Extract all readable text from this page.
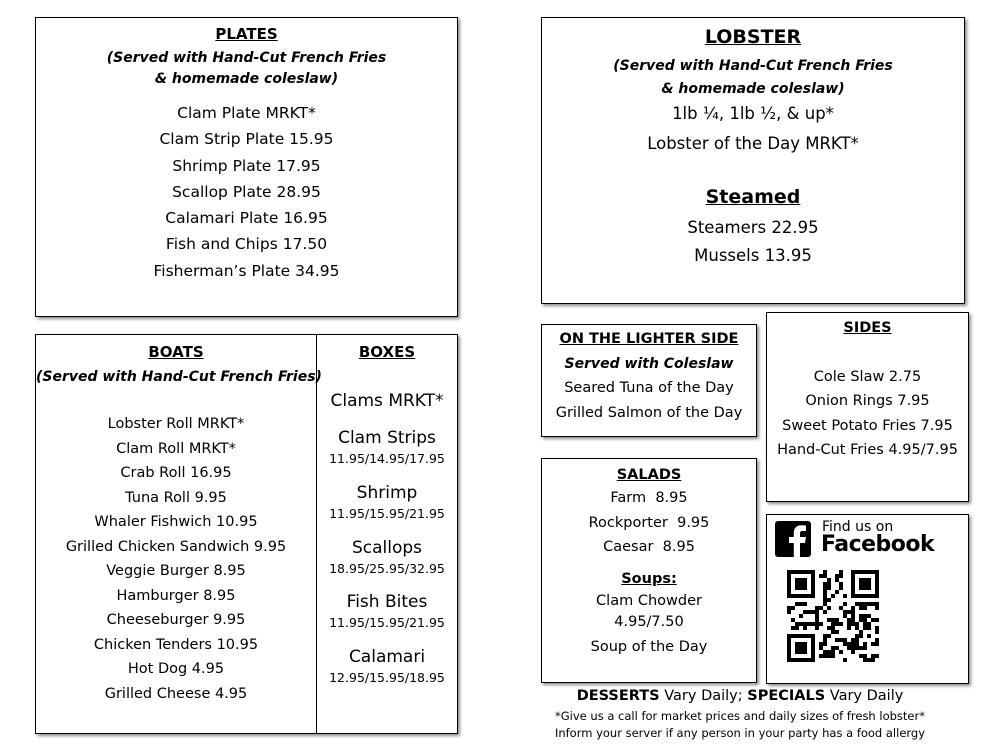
PLATES
(Served with Hand-Cut French Fries
& homemade coleslaw)
Clam Plate MRKT*
Clam Strip Plate 15.95
Shrimp Plate 17.95
Scallop Plate 28.95
Calamari Plate 16.95
Fish and Chips 17.50
Fisherman’s Plate 34.95
LOBSTER
(Served with Hand-Cut French Fries
& homemade coleslaw)
1lb ¼, 1lb ½, & up*
Lobster of the Day MRKT*
Steamed
Steamers 22.95
Mussels 13.95
BOATS
(Served with Hand-Cut French Fries)
Lobster Roll MRKT*
Clam Roll MRKT*
Crab Roll 16.95
Tuna Roll 9.95
Whaler Fishwich 10.95
Grilled Chicken Sandwich 9.95
Veggie Burger 8.95
Hamburger 8.95
Cheeseburger 9.95
Chicken Tenders 10.95
Hot Dog 4.95
Grilled Cheese 4.95
BOXES
Clams MRKT*
Clam Strips
11.95/14.95/17.95
Shrimp
11.95/15.95/21.95
Scallops
18.95/25.95/32.95
Fish Bites
11.95/15.95/21.95
Calamari
12.95/15.95/18.95
ON THE LIGHTER SIDE
Served with Coleslaw
Seared Tuna of the Day
Grilled Salmon of the Day
SIDES
Cole Slaw 2.75
Onion Rings 7.95
Sweet Potato Fries 7.95
Hand-Cut Fries 4.95/7.95
SALADS
Farm  8.95
Rockporter  9.95
Caesar  8.95
Soups:
Clam Chowder
4.95/7.50
Soup of the Day
Find us on
Facebook
DESSERTS Vary Daily; SPECIALS Vary Daily
*Give us a call for market prices and daily sizes of fresh lobster*
Inform your server if any person in your party has a food allergy
